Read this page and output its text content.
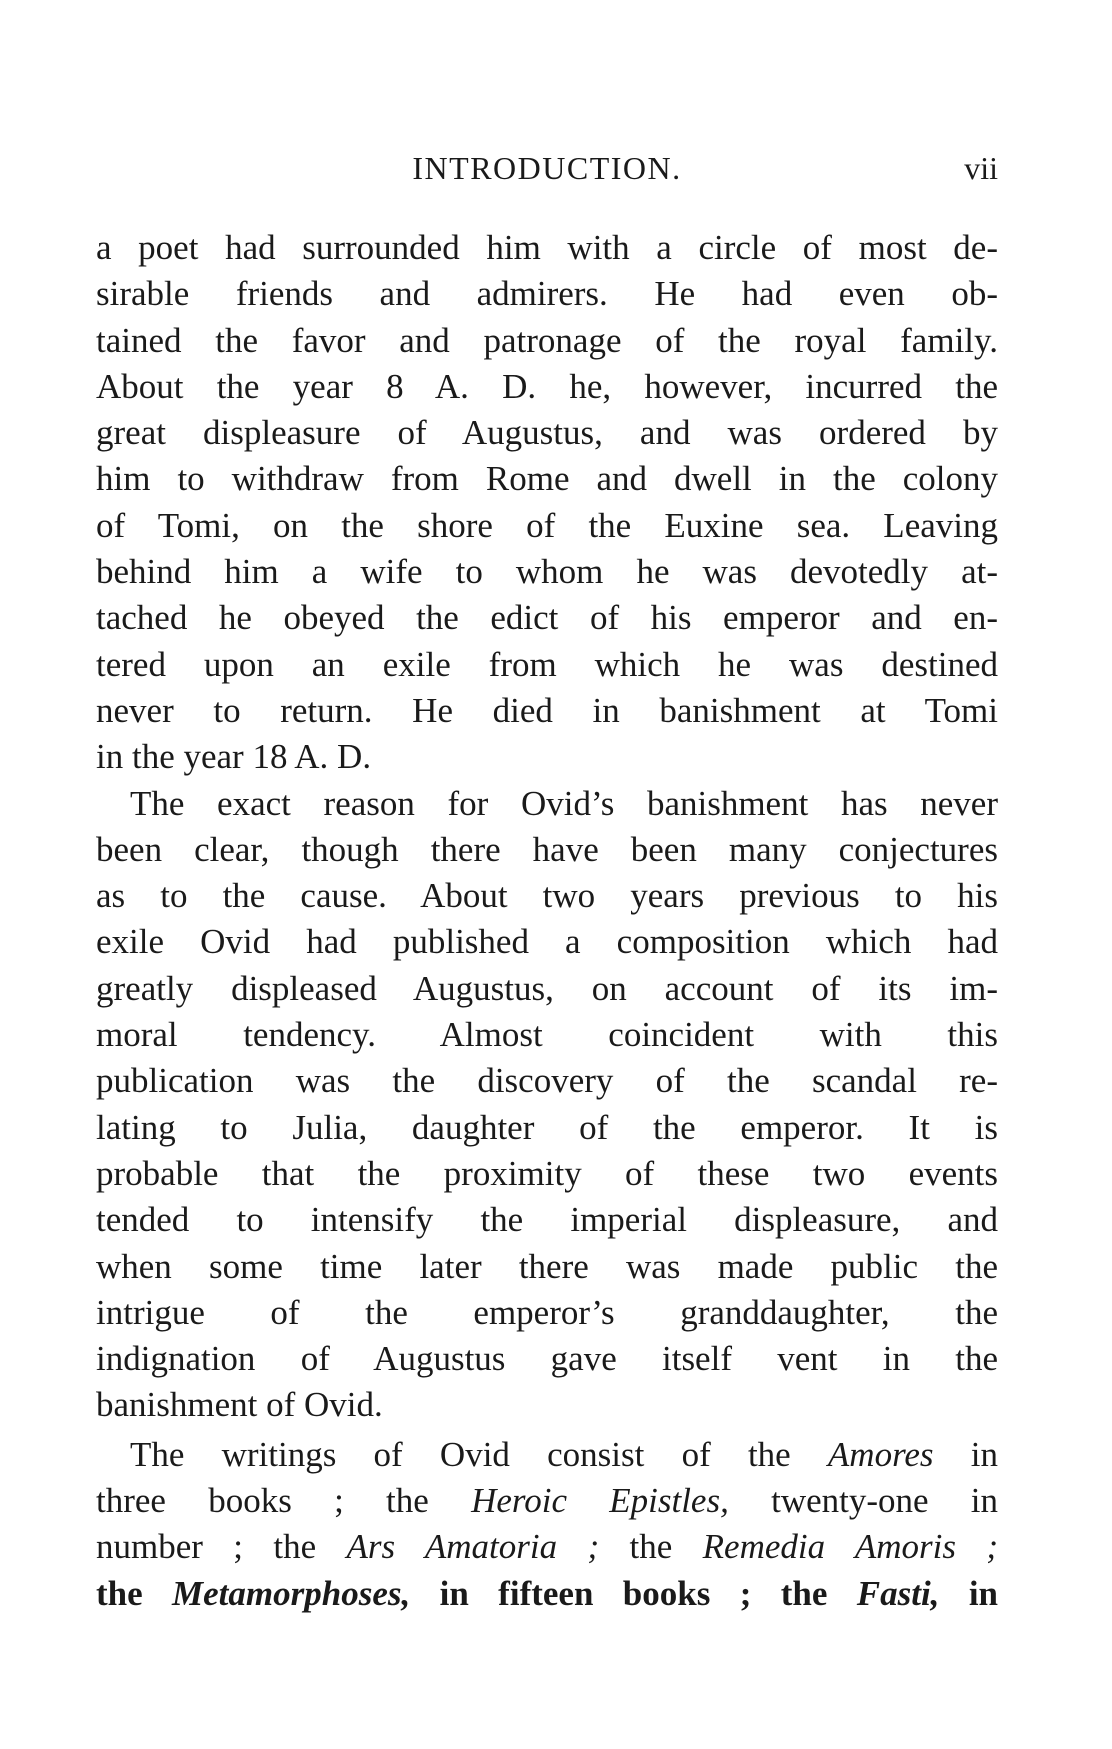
INTRODUCTION.	vii
a poet had surrounded him with a circle of most de-
sirable friends and admirers. He had even ob-
tained the favor and patronage of the royal family.
About the year 8 A. D. he, however, incurred the
great displeasure of Augustus, and was ordered by
him to withdraw from Rome and dwell in the colony
of Tomi, on the shore of the Euxine sea. Leaving
behind him a wife to whom he was devotedly at-
tached he obeyed the edict of his emperor and en-
tered upon an exile from which he was destined
never to return. He died in banishment at Tomi
in the year 18 A. D.
The exact reason for Ovid’s banishment has never
been clear, though there have been many conjectures
as to the cause. About two years previous to his
exile Ovid had published a composition which had
greatly displeased Augustus, on account of its im-
moral tendency. Almost coincident with this
publication was the discovery of the scandal re-
lating to Julia, daughter of the emperor. It is
probable that the proximity of these two events
tended to intensify the imperial displeasure, and
when some time later there was made public the
intrigue of the emperor’s granddaughter, the
indignation of Augustus gave itself vent in the
banishment of Ovid.
The writings of Ovid consist of the Amores in
three books ; the Heroic Epistles, twenty-one in
number ; the Ars Amatoria ; the Remedia Amoris ;
the Metamorphoses, in fifteen books ; the Fasti, in
